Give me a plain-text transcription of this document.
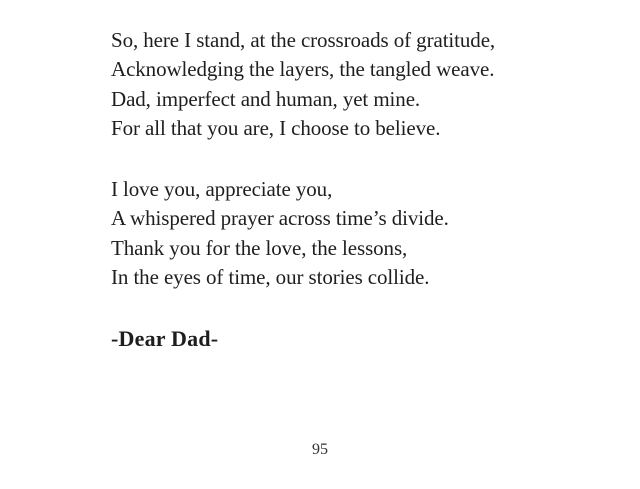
So, here I stand, at the crossroads of gratitude,
Acknowledging the layers, the tangled weave.
Dad, imperfect and human, yet mine.
For all that you are, I choose to believe.
I love you, appreciate you,
A whispered prayer across time’s divide.
Thank you for the love, the lessons,
In the eyes of time, our stories collide.
-Dear Dad-
95
